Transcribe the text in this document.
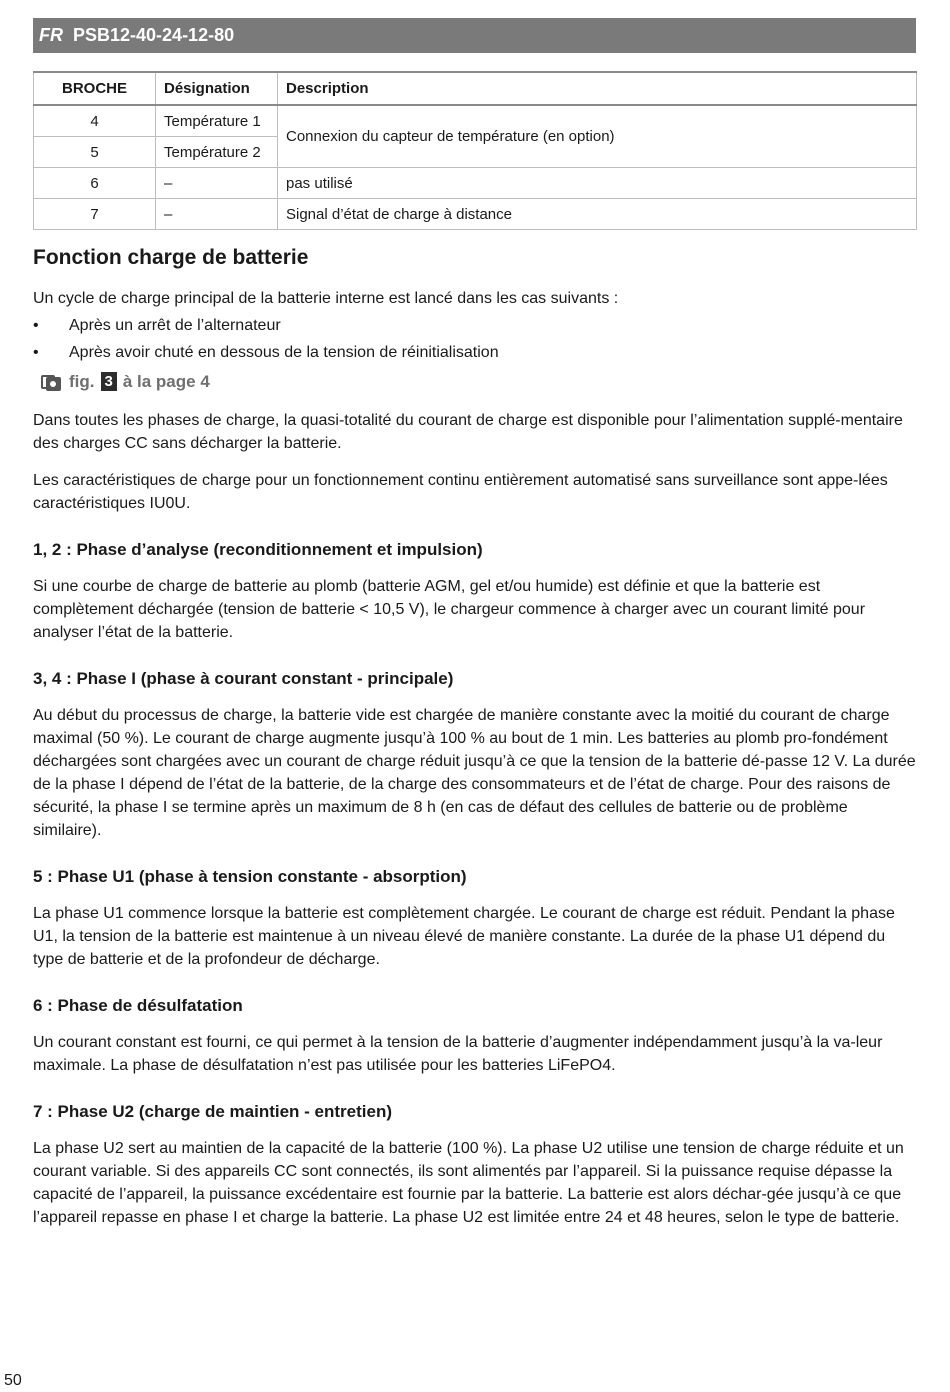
FR PSB12-40-24-12-80
BROCHE	Désignation	Description
4	Température 1	Connexion du capteur de température (en option)
5	Température 2	
6	–	pas utilisé
7	–	Signal d’état de charge à distance
Fonction charge de batterie

Un cycle de charge principal de la batterie interne est lancé dans les cas suivants :

• Après un arrêt de l’alternateur
• Après avoir chuté en dessous de la tension de réinitialisation
fig. 3 à la page 4

Dans toutes les phases de charge, la quasi-totalité du courant de charge est disponible pour l’alimentation supplé-mentaire des charges CC sans décharger la batterie.

Les caractéristiques de charge pour un fonctionnement continu entièrement automatisé sans surveillance sont appe-lées caractéristiques IU0U.

1, 2 : Phase d’analyse (reconditionnement et impulsion)

Si une courbe de charge de batterie au plomb (batterie AGM, gel et/ou humide) est définie et que la batterie est complètement déchargée (tension de batterie < 10,5 V), le chargeur commence à charger avec un courant limité pour analyser l’état de la batterie.

3, 4 : Phase I (phase à courant constant - principale)

Au début du processus de charge, la batterie vide est chargée de manière constante avec la moitié du courant de charge maximal (50 %). Le courant de charge augmente jusqu’à 100 % au bout de 1 min. Les batteries au plomb pro-fondément déchargées sont chargées avec un courant de charge réduit jusqu’à ce que la tension de la batterie dé-passe 12 V. La durée de la phase I dépend de l’état de la batterie, de la charge des consommateurs et de l’état de charge. Pour des raisons de sécurité, la phase I se termine après un maximum de 8 h (en cas de défaut des cellules de batterie ou de problème similaire).

5 : Phase U1 (phase à tension constante - absorption)

La phase U1 commence lorsque la batterie est complètement chargée. Le courant de charge est réduit. Pendant la phase U1, la tension de la batterie est maintenue à un niveau élevé de manière constante. La durée de la phase U1 dépend du type de batterie et de la profondeur de décharge.

6 : Phase de désulfatation

Un courant constant est fourni, ce qui permet à la tension de la batterie d’augmenter indépendamment jusqu’à la va-leur maximale. La phase de désulfatation n’est pas utilisée pour les batteries LiFePO4.

7 : Phase U2 (charge de maintien - entretien)

La phase U2 sert au maintien de la capacité de la batterie (100 %). La phase U2 utilise une tension de charge réduite et un courant variable. Si des appareils CC sont connectés, ils sont alimentés par l’appareil. Si la puissance requise dépasse la capacité de l’appareil, la puissance excédentaire est fournie par la batterie. La batterie est alors déchar-gée jusqu’à ce que l’appareil repasse en phase I et charge la batterie. La phase U2 est limitée entre 24 et 48 heures, selon le type de batterie.

50
